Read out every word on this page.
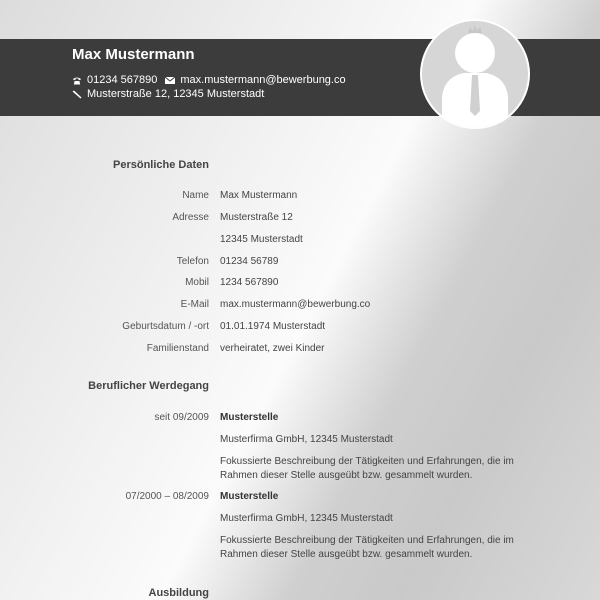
Max Mustermann
01234 567890 max.mustermann@bewerbung.co
Musterstraße 12, 12345 Musterstadt
Persönliche Daten
Name Max Mustermann
Adresse Musterstraße 12
12345 Musterstadt
Telefon 01234 56789
Mobil 1234 567890
E-Mail max.mustermann@bewerbung.co
Geburtsdatum / -ort 01.01.1974 Musterstadt
Familienstand verheiratet, zwei Kinder
Beruflicher Werdegang
seit 09/2009 Musterstelle
Musterfirma GmbH, 12345 Musterstadt
Fokussierte Beschreibung der Tätigkeiten und Erfahrungen, die im Rahmen dieser Stelle ausgeübt bzw. gesammelt wurden.
07/2000 – 08/2009 Musterstelle
Musterfirma GmbH, 12345 Musterstadt
Fokussierte Beschreibung der Tätigkeiten und Erfahrungen, die im Rahmen dieser Stelle ausgeübt bzw. gesammelt wurden.
Ausbildung
